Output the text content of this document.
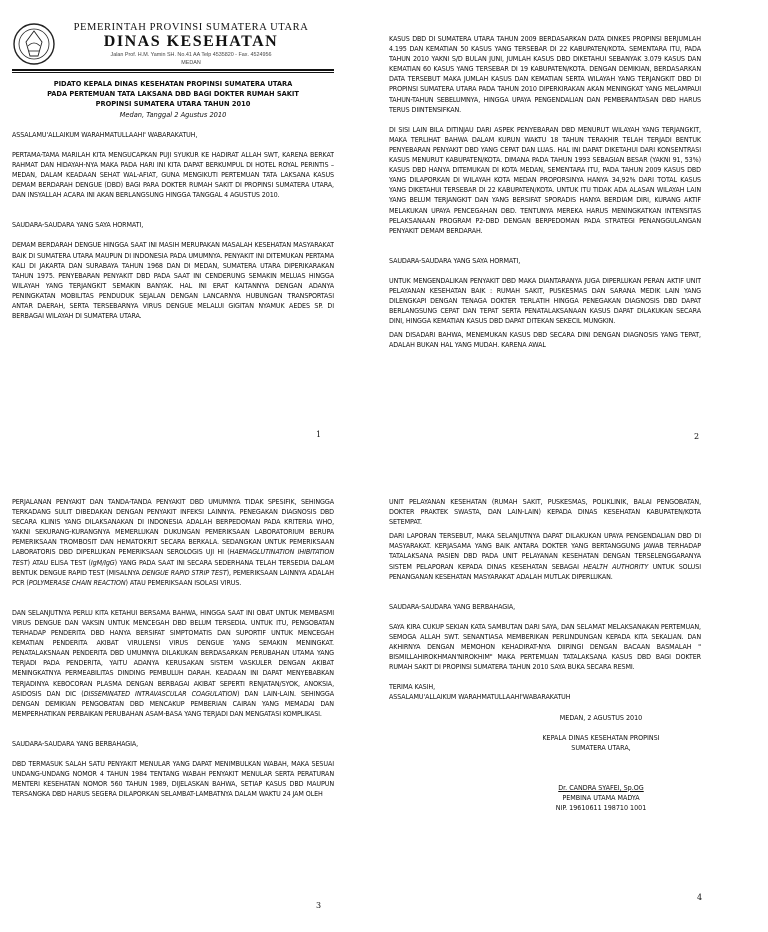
PEMERINTAH PROVINSI SUMATERA UTARA
DINAS KESEHATAN
Jalan Prof. H.M. Yamin SH. No.41 AA Telp 4535820 - Fax. 4524956
MEDAN
PIDATO KEPALA DINAS KESEHATAN PROPINSI SUMATERA UTARA
PADA PERTEMUAN TATA LAKSANA DBD BAGI DOKTER RUMAH SAKIT
PROPINSI SUMATERA UTARA TAHUN 2010
Medan, Tanggal 2 Agustus 2010

ASSALAMU'ALLAIKUM WARAHMATULLAAHI' WABARAKATUH,

PERTAMA-TAMA MARILAH KITA MENGUCAPKAN PUJI SYUKUR KE HADIRAT ALLAH SWT, KARENA BERKAT RAHMAT DAN HIDAYAH-NYA MAKA PADA HARI INI KITA DAPAT BERKUMPUL DI HOTEL ROYAL PERINTIS – MEDAN, DALAM KEADAAN SEHAT WAL-AFIAT, GUNA MENGIKUTI PERTEMUAN TATA LAKSANA KASUS DEMAM BERDARAH DENGUE (DBD) BAGI PARA DOKTER RUMAH SAKIT DI PROPINSI SUMATERA UTARA, DAN INSYALLAH ACARA INI AKAN BERLANGSUNG HINGGA TANGGAL 4 AGUSTUS 2010.

SAUDARA-SAUDARA YANG SAYA HORMATI,

DEMAM BERDARAH DENGUE HINGGA SAAT INI MASIH MERUPAKAN MASALAH KESEHATAN MASYARAKAT BAIK DI SUMATERA UTARA MAUPUN DI INDONESIA PADA UMUMNYA. PENYAKIT INI DITEMUKAN PERTAMA KALI DI JAKARTA DAN SURABAYA TAHUN 1968 DAN DI MEDAN, SUMATERA UTARA DIPERIKARAKAN TAHUN 1975. PENYEBARAN PENYAKIT DBD PADA SAAT INI CENDERUNG SEMAKIN MELUAS HINGGA WILAYAH YANG TERJANGKIT SEMAKIN BANYAK. HAL INI ERAT KAITANNYA DENGAN ADANYA PENINGKATAN MOBILITAS PENDUDUK SEJALAN DENGAN LANCARNYA HUBUNGAN TRANSPORTASI ANTAR DAERAH, SERTA TERSEBARNYA VIRUS DENGUE MELALUI GIGITAN NYAMUK AEDES SP. DI BERBAGAI WILAYAH DI SUMATERA UTARA.

1

KASUS DBD DI SUMATERA UTARA TAHUN 2009 BERDASARKAN DATA DINKES PROPINSI BERJUMLAH 4.195 DAN KEMATIAN 50 KASUS YANG TERSEBAR DI 22 KABUPATEN/KOTA. SEMENTARA ITU, PADA TAHUN 2010 YAKNI S/D BULAN JUNI, JUMLAH KASUS DBD DIKETAHUI SEBANYAK 3.079 KASUS DAN KEMATIAN 60 KASUS YANG TERSEBAR DI 19 KABUPATEN/KOTA. DENGAN DEMIKIAN, BERDASARKAN DATA TERSEBUT MAKA JUMLAH KASUS DAN KEMATIAN SERTA WILAYAH YANG TERJANGKIT DBD DI PROPINSI SUMATERA UTARA PADA TAHUN 2010 DIPERKIRAKAN AKAN MENINGKAT YANG MELAMPAUI TAHUN-TAHUN SEBELUMNYA, HINGGA UPAYA PENGENDALIAN DAN PEMBERANTASAN DBD HARUS TERUS DIINTENSIFKAN.

DI SISI LAIN BILA DITINJAU DARI ASPEK PENYEBARAN DBD MENURUT WILAYAH YANG TERJANGKIT, MAKA TERLIHAT BAHWA DALAM KURUN WAKTU 18 TAHUN TERAKHIR TELAH TERJADI BENTUK PENYEBARAN PENYAKIT DBD YANG CEPAT DAN LUAS. HAL INI DAPAT DIKETAHUI DARI KONSENTRASI KASUS MENURUT KABUPATEN/KOTA. DIMANA PADA TAHUN 1993 SEBAGIAN BESAR (YAKNI 91, 53%) KASUS DBD HANYA DITEMUKAN DI KOTA MEDAN, SEMENTARA ITU, PADA TAHUN 2009 KASUS DBD YANG DILAPORKAN DI WILAYAH KOTA MEDAN PROPORSINYA HANYA 34,92% DARI TOTAL KASUS YANG DIKETAHUI TERSEBAR DI 22 KABUPATEN/KOTA. UNTUK ITU TIDAK ADA ALASAN WILAYAH LAIN YANG BELUM TERJANGKIT DAN YANG BERSIFAT SPORADIS HANYA BERDIAM DIRI, KURANG AKTIF MELAKUKAN UPAYA PENCEGAHAN DBD. TENTUNYA MEREKA HARUS MENINGKATKAN INTENSITAS PELAKSANAAN PROGRAM P2-DBD DENGAN BERPEDOMAN PADA STRATEGI PENANGGULANGAN PENYAKIT DEMAM BERDARAH.

SAUDARA-SAUDARA YANG SAYA HORMATI,

UNTUK MENGENDALIKAN PENYAKIT DBD MAKA DIANTARANYA JUGA DIPERLUKAN PERAN AKTIF UNIT PELAYANAN KESEHATAN BAIK : RUMAH SAKIT, PUSKESMAS DAN SARANA MEDIK LAIN YANG DILENGKAPI DENGAN TENAGA DOKTER TERLATIH HINGGA PENEGAKAN DIAGNOSIS DBD DAPAT BERLANGSUNG CEPAT DAN TEPAT SERTA PENATALAKSANAAN KASUS DAPAT DILAKUKAN SECARA DINI, HINGGA KEMATIAN KASUS DBD DAPAT DITEKAN SEKECIL MUNGKIN.

DAN DISADARI BAHWA, MENEMUKAN KASUS DBD SECARA DINI DENGAN DIAGNOSIS YANG TEPAT, ADALAH BUKAN HAL YANG MUDAH. KARENA AWAL

2

PERJALANAN PENYAKIT DAN TANDA-TANDA PENYAKIT DBD UMUMNYA TIDAK SPESIFIK, SEHINGGA TERKADANG SULIT DIBEDAKAN DENGAN PENYAKIT INFEKSI LAINNYA. PENEGAKAN DIAGNOSIS DBD SECARA KLINIS YANG DILAKSANAKAN DI INDONESIA ADALAH BERPEDOMAN PADA KRITERIA WHO, YAKNI SEKURANG-KURANGNYA MEMERLUKAN DUKUNGAN PEMERIKSAAN LABORATORIUM BERUPA PEMERIKSAAN TROMBOSIT DAN HEMATOKRIT SECARA BERKALA. SEDANGKAN UNTUK PEMERIKSAAN LABORATORIS DBD DIPERLUKAN PEMERIKSAAN SEROLOGIS UJI HI (HAEMAGLUTINATION IHIBITATION TEST) ATAU ELISA TEST (IgM/IgG) YANG PADA SAAT INI SECARA SEDERHANA TELAH TERSEDIA DALAM BENTUK DENGUE RAPID TEST (MISALNYA DENGUE RAPID STRIP TEST), PEMERIKSAAN LAINNYA ADALAH PCR (POLYMERASE CHAIN REACTION) ATAU PEMERIKSAAN ISOLASI VIRUS.

DAN SELANJUTNYA PERLU KITA KETAHUI BERSAMA BAHWA, HINGGA SAAT INI OBAT UNTUK MEMBASMI VIRUS DENGUE DAN VAKSIN UNTUK MENCEGAH DBD BELUM TERSEDIA. UNTUK ITU, PENGOBATAN TERHADAP PENDERITA DBD HANYA BERSIFAT SIMPTOMATIS DAN SUPORTIF UNTUK MENCEGAH KEMATIAN PENDERITA AKIBAT VIRULENSI VIRUS DENGUE YANG SEMAKIN MENINGKAT. PENATALAKSNAAN PENDERITA DBD UMUMNYA DILAKUKAN BERDASARKAN PERUBAHAN UTAMA YANG TERJADI PADA PENDERITA, YAITU ADANYA KERUSAKAN SISTEM VASKULER DENGAN AKIBAT MENINGKATNYA PERMEABILITAS DINDING PEMBULUH DARAH. KEADAAN INI DAPAT MENYEBABKAN TERJADINYA KEBOCORAN PLASMA DENGAN BERBAGAI AKIBAT SEPERTI RENJATAN/SYOK, ANOKSIA, ASIDOSIS DAN DIC (DISSEMINATED INTRAVASCULAR COAGULATION) DAN LAIN-LAIN. SEHINGGA DENGAN DEMIKIAN PENGOBATAN DBD MENCAKUP PEMBERIAN CAIRAN YANG MEMADAI DAN MEMPERHATIKAN PERBAIKAN PERUBAHAN ASAM-BASA YANG TERJADI DAN MENGATASI KOMPLIKASI.

SAUDARA-SAUDARA YANG BERBAHAGIA,

DBD TERMASUK SALAH SATU PENYAKIT MENULAR YANG DAPAT MENIMBULKAN WABAH, MAKA SESUAI UNDANG-UNDANG NOMOR 4 TAHUN 1984 TENTANG WABAH PENYAKIT MENULAR SERTA PERATURAN MENTERI KESEHATAN NOMOR 560 TAHUN 1989, DIJELASKAN BAHWA, SETIAP KASUS DBD MAUPUN TERSANGKA DBD HARUS SEGERA DILAPORKAN SELAMBAT-LAMBATNYA DALAM WAKTU 24 JAM OLEH

3

UNIT PELAYANAN KESEHATAN (RUMAH SAKIT, PUSKESMAS, POLIKLINIK, BALAI PENGOBATAN, DOKTER PRAKTEK SWASTA, DAN LAIN-LAIN) KEPADA DINAS KESEHATAN KABUPATEN/KOTA SETEMPAT.

DARI LAPORAN TERSEBUT, MAKA SELANJUTNYA DAPAT DILAKUKAN UPAYA PENGENDALIAN DBD DI MASYARAKAT. KERJASAMA YANG BAIK ANTARA DOKTER YANG BERTANGGUNG JAWAB TERHADAP TATALAKSANA PASIEN DBD PADA UNIT PELAYANAN KESEHATAN DENGAN TERSELENGGARANYA SISTEM PELAPORAN KEPADA DINAS KESEHATAN SEBAGAI HEALTH AUTHORITY UNTUK SOLUSI PENANGANAN KESEHATAN MASYARAKAT ADALAH MUTLAK DIPERLUKAN.

SAUDARA-SAUDARA YANG BERBAHAGIA,

SAYA KIRA CUKUP SEKIAN KATA SAMBUTAN DARI SAYA, DAN SELAMAT MELAKSANAKAN PERTEMUAN, SEMOGA ALLAH SWT. SENANTIASA MEMBERIKAN PERLINDUNGAN KEPADA KITA SEKALIAN. DAN AKHIRNYA DENGAN MEMOHON KEHADIRAT-NYA DIIRINGI DENGAN BACAAN BASMALAH " BISMILLAHIROKHMAN'NIROKHIM" MAKA PERTEMUAN TATALAKSANA KASUS DBD BAGI DOKTER RUMAH SAKIT DI PROPINSI SUMATERA TAHUN 2010 SAYA BUKA SECARA RESMI.

TERIMA KASIH,

ASSALAMU'ALLAIKUM WARAHMATULLAAHI'WABARAKATUH

MEDAN, 2 AGUSTUS 2010
KEPALA DINAS KESEHATAN PROPINSI
SUMATERA UTARA,
Dr. CANDRA SYAFEI, Sp.OG
PEMBINA UTAMA MADYA
NIP. 19610611 198710 1001
4
